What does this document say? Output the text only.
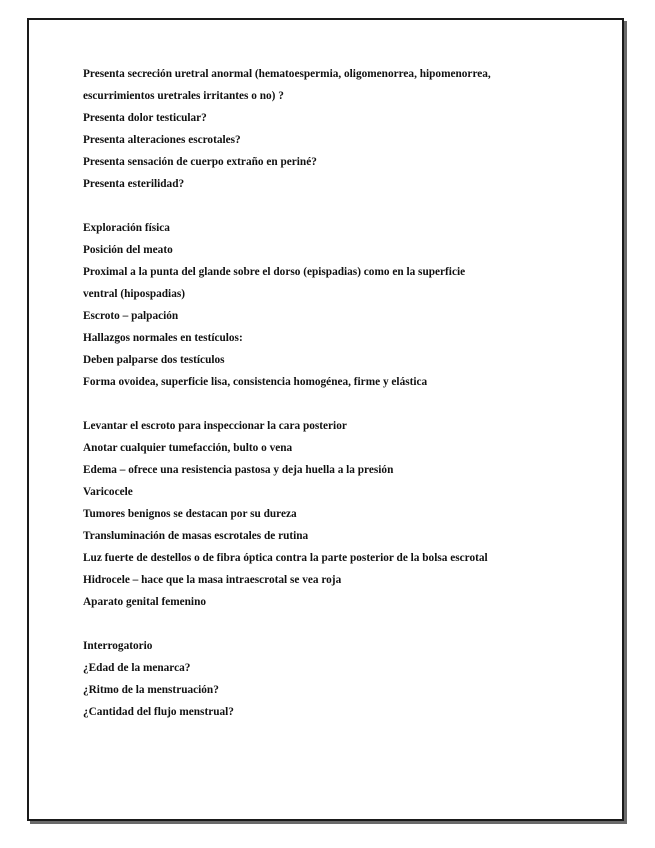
Presenta secreción uretral anormal (hematoespermia, oligomenorrea, hipomenorrea,
escurrimientos uretrales irritantes o no) ?
Presenta dolor testicular?
Presenta alteraciones escrotales?
Presenta sensación de cuerpo extraño en periné?
Presenta esterilidad?
Exploración física
Posición del meato
Proximal a la punta del glande sobre el dorso (epispadias) como en la superficie
ventral (hipospadias)
Escroto – palpación
Hallazgos normales en testículos:
Deben palparse dos testículos
Forma ovoidea, superficie lisa, consistencia homogénea, firme y elástica
Levantar el escroto para inspeccionar la cara posterior
Anotar cualquier tumefacción, bulto o vena
Edema – ofrece una resistencia pastosa y deja huella a la presión
Varicocele
Tumores benignos se destacan por su dureza
Transluminación de masas escrotales de rutina
Luz fuerte de destellos o de fibra óptica contra la parte posterior de la bolsa escrotal
Hidrocele – hace que la masa intraescrotal se vea roja
Aparato genital femenino
Interrogatorio
¿Edad de la menarca?
¿Ritmo de la menstruación?
¿Cantidad del flujo menstrual?
